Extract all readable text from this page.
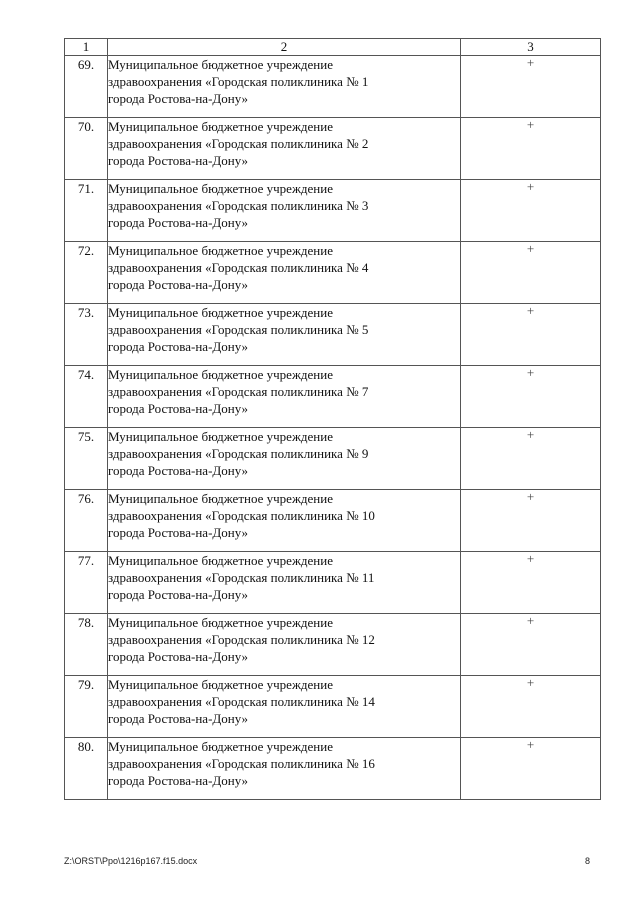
1	2	3
69.	Муниципальное бюджетное учреждение
здравоохранения «Городская поликлиника № 1
города Ростова-на-Дону»	+
70.	Муниципальное бюджетное учреждение
здравоохранения «Городская поликлиника № 2
города Ростова-на-Дону»	+
71.	Муниципальное бюджетное учреждение
здравоохранения «Городская поликлиника № 3
города Ростова-на-Дону»	+
72.	Муниципальное бюджетное учреждение
здравоохранения «Городская поликлиника № 4
города Ростова-на-Дону»	+
73.	Муниципальное бюджетное учреждение
здравоохранения «Городская поликлиника № 5
города Ростова-на-Дону»	+
74.	Муниципальное бюджетное учреждение
здравоохранения «Городская поликлиника № 7
города Ростова-на-Дону»	+
75.	Муниципальное бюджетное учреждение
здравоохранения «Городская поликлиника № 9
города Ростова-на-Дону»	+
76.	Муниципальное бюджетное учреждение
здравоохранения «Городская поликлиника № 10
города Ростова-на-Дону»	+
77.	Муниципальное бюджетное учреждение
здравоохранения «Городская поликлиника № 11
города Ростова-на-Дону»	+
78.	Муниципальное бюджетное учреждение
здравоохранения «Городская поликлиника № 12
города Ростова-на-Дону»	+
79.	Муниципальное бюджетное учреждение
здравоохранения «Городская поликлиника № 14
города Ростова-на-Дону»	+
80.	Муниципальное бюджетное учреждение
здравоохранения «Городская поликлиника № 16
города Ростова-на-Дону»	+
Z:\ORST\Ppo\1216p167.f15.docx	8
